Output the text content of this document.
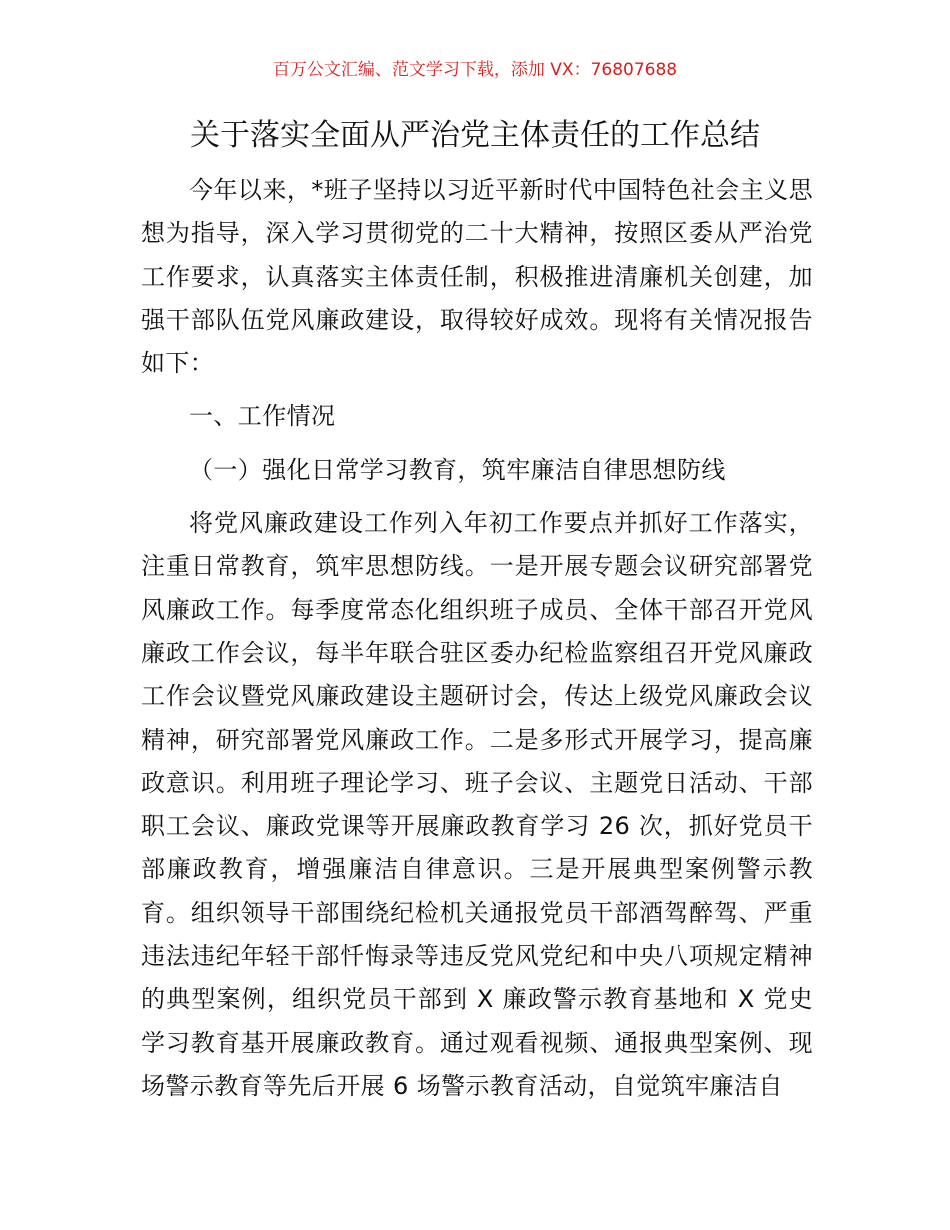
百万公文汇编、范文学习下载，添加 VX：76807688
关于落实全面从严治党主体责任的工作总结

今年以来，*班子坚持以习近平新时代中国特色社会主义思想为指导，深入学习贯彻党的二十大精神，按照区委从严治党工作要求，认真落实主体责任制，积极推进清廉机关创建，加强干部队伍党风廉政建设，取得较好成效。现将有关情况报告如下：

一、工作情况

（一）强化日常学习教育，筑牢廉洁自律思想防线

将党风廉政建设工作列入年初工作要点并抓好工作落实，注重日常教育，筑牢思想防线。一是开展专题会议研究部署党风廉政工作。每季度常态化组织班子成员、全体干部召开党风廉政工作会议，每半年联合驻区委办纪检监察组召开党风廉政工作会议暨党风廉政建设主题研讨会，传达上级党风廉政会议精神，研究部署党风廉政工作。二是多形式开展学习，提高廉政意识。利用班子理论学习、班子会议、主题党日活动、干部职工会议、廉政党课等开展廉政教育学习 26 次，抓好党员干部廉政教育，增强廉洁自律意识。三是开展典型案例警示教育。组织领导干部围绕纪检机关通报党员干部酒驾醉驾、严重违法违纪年轻干部忏悔录等违反党风党纪和中央八项规定精神的典型案例，组织党员干部到 X 廉政警示教育基地和 X 党史学习教育基开展廉政教育。通过观看视频、通报典型案例、现场警示教育等先后开展 6 场警示教育活动，自觉筑牢廉洁自
